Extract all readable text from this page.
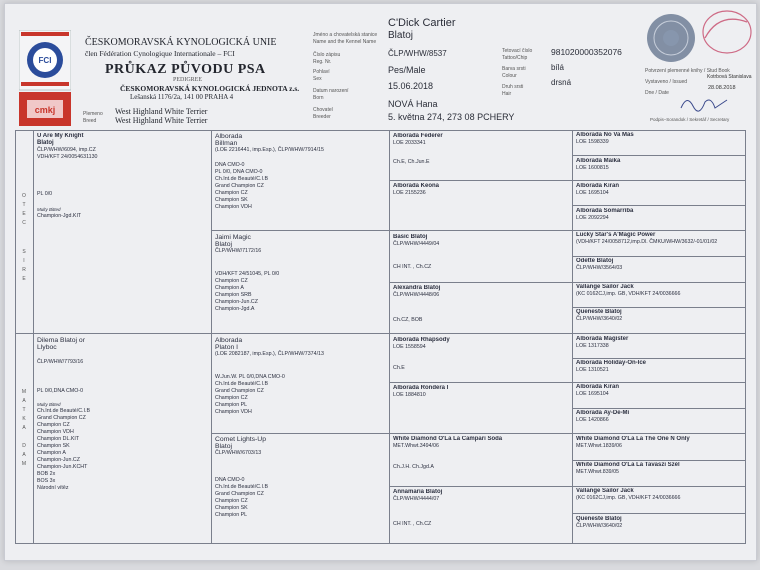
FCI
cmkj
ČESKOMORAVSKÁ KYNOLOGICKÁ UNIE
člen Fédération Cynologique Internationale – FCI
PRŮKAZ PŮVODU PSA
PEDIGREE
ČESKOMORAVSKÁ KYNOLOGICKÁ JEDNOTA z.s.
Lešanská 1176/2a, 141 00 PRAHA 4
Plemeno
Breed
West Highland White Terrier
West Highland White Terrier
Jméno a chovatelská stanice
Name and the Kennel Name
Číslo zápisu
Reg. Nr.
Pohlaví
Sex
Datum narození
Born
Chovatel
Breeder
C'Dick Cartier
Blatoj
ČLP/WHW/8537
Pes/Male
15.06.2018
NOVÁ Hana
5. května 274, 273 08 PCHERY
Tetovací číslo
Tattoo/Chip
Barva srsti
Colour
Druh srsti
Hair
981020000352076
bílá
drsná
Potvrzení plemenné knihy / Stud Book
Vystaveno / Issued
Dne / Date
Kotrbová Stanislava
28.08.2018
Podpis–Sorandok / Sekretář / Secretary
O
T
E
C
S
I
R
E
M
A
T
K
A
D
A
M
U Are My Knight
Blatoj
ČLP/WHW/6094, imp.CZ
VDH/KFT 24/0054631130
PL 0/0
Multy Bitted
Champion-Jgd.KIT
Dilema Blatoj or
Llyboc
ČLP/WHW/7793/16
PL 0/0,DNA CMO-0
Multy Bitted
Ch.Int.de Beauté/C.I.B
Grand Champion CZ
Champion CZ
Champion VDH
Champion DL.KIT
Champion SK
Champion A
Champion-Jun.CZ
Champion-Jun.KCHT
BOB 2x
BOS 3x
Národní vítěz
Alborada
Billman
(LOE 2216441, imp.Esp.), ČLP/WHW/7914/15
DNA CMO-0
PL 0/0, DNA CMO-0
Ch.Int.de Beauté/C.I.B
Grand Champion CZ
Champion CZ
Champion SK
Champion VDH
Jaimi Magic
Blatoj
ČLP/WHW/7172/16
VDH/KFT 24/51045, PL 0/0
Champion CZ
Champion A
Champion SRB
Champion-Jun.CZ
Champion-Jgd.A
Alborada
Platon I
(LOE 2082187, imp.Esp.), ČLP/WHW/7374/13
W.Jun.W. PL 0/0,DNA CMO-0
Ch.Int.de Beauté/C.I.B
Grand Champion CZ
Champion CZ
Champion PL
Champion VDH
Comet Lights-Up
Blatoj
ČLP/WHW/6703/13
DNA CMO-0
Ch.Int.de Beauté/C.I.B
Grand Champion CZ
Champion CZ
Champion SK
Champion PL
Alborada Federer
LOE 2033341
Ch.E, Ch.Jun.E
Alborada Keona
LOE 2155236
Basic Blatoj
ČLP/WHW/4449/04
CH INT. , Ch.CZ
Alexandra Blatoj
ČLP/WHW/4448/06
Ch.CZ, BOB
Alborada Rhapsody
LOE 1558594
Ch.E
Alborada Rondera I
LOE 1884810
White Diamond O'La La Campari Soda
MET.Whwt.3494/06
Ch.J.H. Ch.Jgd.A
Annamaria Blatoj
ČLP/WHW/4444/07
CH INT. , Ch.CZ
Alborada No Va Mas
LOE 1598339
Alborada Maika
LOE 1600815
Alborada Kiran
LOE 1695104
Alborada Somarriba
LOE 2092294
Lucky Star's A'Magic Power
(VDH/KFT 24/0058712,imp.Dl. ČMKU/WHW/3632/-01/01/02
Odette Blatoj
ČLP/WHW/3564/03
Vallange Sailor Jack
(KC 0162CJ,imp. GB, VDH/KFT 24/0036666
Queneste Blatoj
ČLP/WHW/3640/02
Alborada Magister
LOE 1317338
Alborada Holiday-On-Ice
LOE 1310521
Alborada Kiran
LOE 1695104
Alborada Ay-De-Mi
LOE 1420866
White Diamond O'La La The One N Only
MET.Whwt.1839/06
White Diamond O'La La Tavaszi Szél
MET.Whwt.839/05
Vallange Sailor Jack
(KC 0162CJ,imp. GB, VDH/KFT 24/0036666
Queneste Blatoj
ČLP/WHW/3640/02
